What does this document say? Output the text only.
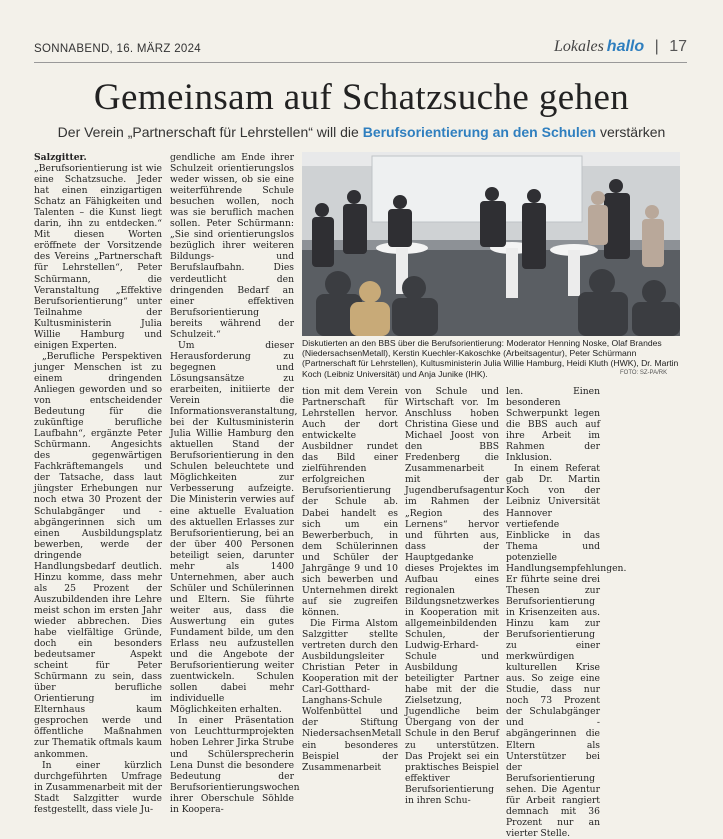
SONNABEND, 16. MÄRZ 2024	Lokales hallo | 17
Gemeinsam auf Schatzsuche gehen
Der Verein „Partnerschaft für Lehrstellen“ will die Berufsorientierung an den Schulen verstärken

Salzgitter. „Berufsorientierung ist wie eine Schatzsuche. Jeder hat einen einzigartigen Schatz an Fähigkeiten und Talenten – die Kunst liegt darin, ihn zu entdecken.“ Mit diesen Worten eröffnete der Vorsitzende des Vereins „Partnerschaft für Lehrstellen“, Peter Schürmann, die Veranstaltung „Effektive Berufsorientierung“ unter Teilnahme der Kultusministerin Julia Willie Hamburg und einigen Experten.

„Berufliche Perspektiven junger Menschen ist zu einem dringenden Anliegen geworden und so von entscheidender Bedeutung für die zukünftige berufliche Laufbahn“, ergänzte Peter Schürmann. Angesichts des gegenwärtigen Fachkräftemangels und der Tatsache, dass laut jüngster Erhebungen nur noch etwa 30 Prozent der Schulabgänger und -abgängerinnen sich um einen Ausbildungsplatz bewerben, werde der dringende Handlungsbedarf deutlich. Hinzu komme, dass mehr als 25 Prozent der Auszubildenden ihre Lehre meist schon im ersten Jahr wieder abbrechen. Dies habe vielfältige Gründe, doch ein besonders bedeutsamer Aspekt scheint für Peter Schürmann zu sein, dass über berufliche Orientierung im Elternhaus kaum gesprochen werde und öffentliche Maßnahmen zur Thematik oftmals kaum ankommen.

In einer kürzlich durchgeführten Umfrage in Zusammenarbeit mit der Stadt Salzgitter wurde festgestellt, dass viele Ju-

gendliche am Ende ihrer Schulzeit orientierungslos weder wissen, ob sie eine weiterführende Schule besuchen wollen, noch was sie beruflich machen sollen. Peter Schürmann: „Sie sind orientierungslos bezüglich ihrer weiteren Bildungs- und Berufslaufbahn. Dies verdeutlicht den dringenden Bedarf an einer effektiven Berufsorientierung bereits während der Schulzeit.“

Um dieser Herausforderung zu begegnen und Lösungsansätze zu erarbeiten, initiierte der Verein die Informationsveranstaltung, bei der Kultusministerin Julia Willie Hamburg den aktuellen Stand der Berufsorientierung in den Schulen beleuchtete und Möglichkeiten zur Verbesserung aufzeigte. Die Ministerin verwies auf eine aktuelle Evaluation des aktuellen Erlasses zur Berufsorientierung, bei an der über 400 Personen beteiligt seien, darunter mehr als 1400 Unternehmen, aber auch Schüler und Schülerinnen und Eltern. Sie führte weiter aus, dass die Auswertung ein gutes Fundament bilde, um den Erlass neu aufzustellen und die Angebote der Berufsorientierung weiter zuentwickeln. Schulen sollen dabei mehr individuelle Möglichkeiten erhalten.

In einer Präsentation von Leuchtturmprojekten hoben Lehrer Jirka Strube und Schülersprecherin Lena Dunst die besondere Bedeutung der Berufsorientierungswochen ihrer Oberschule Söhlde in Koopera-

Diskutierten an den BBS über die Berufsorientierung: Moderator Henning Noske, Olaf Brandes (NiedersachsenMetall), Kerstin Kuechler-Kakoschke (Arbeitsagentur), Peter Schürmann (Partnerschaft für Lehrstellen), Kultusministerin Julia Willie Hamburg, Heidi Kluth (HWK), Dr. Martin Koch (Leibniz Universität) und Anja Junike (IHK).	FOTO: SZ-PA/RK

tion mit dem Verein Partnerschaft für Lehrstellen hervor. Auch der dort entwickelte Ausbildner rundet das Bild einer zielführenden erfolgreichen Berufsorientierung der Schule ab. Dabei handelt es sich um ein Bewerberbuch, in dem Schülerinnen und Schüler der Jahrgänge 9 und 10 sich bewerben und Unternehmen direkt auf sie zugreifen können.

Die Firma Alstom Salzgitter stellte vertreten durch den Ausbildungsleiter Christian Peter in Kooperation mit der Carl-Gotthard-Langhans-Schule Wolfenbüttel und der Stiftung NiedersachsenMetall ein besonderes Beispiel der Zusammenarbeit

von Schule und Wirtschaft vor. Im Anschluss hoben Christina Giese und Michael Joost von den BBS Fredenberg die Zusammenarbeit mit der Jugendberufsagentur im Rahmen der „Region des Lernens“ hervor und führten aus, dass der Hauptgedanke dieses Projektes im Aufbau eines regionalen Bildungsnetzwerkes in Kooperation mit allgemeinbildenden Schulen, der Ludwig-Erhard-Schule und Ausbildung beteiligter Partner habe mit der die Zielsetzung, Jugendliche beim Übergang von der Schule in den Beruf zu unterstützen. Das Projekt sei ein praktisches Beispiel effektiver Berufsorientierung in ihren Schu-

len. Einen besonderen Schwerpunkt legen die BBS auch auf ihre Arbeit im Rahmen der Inklusion.

In einem Referat gab Dr. Martin Koch von der Leibniz Universität Hannover vertiefende Einblicke in das Thema und potenzielle Handlungsempfehlungen. Er führte seine drei Thesen zur Berufsorientierung in Krisenzeiten aus. Hinzu kam zur Berufsorientierung zu einer merkwürdigen kulturellen Krise aus. So zeige eine Studie, dass nur noch 73 Prozent der Schulabgänger und -abgängerinnen die Eltern als Unterstützer bei der Berufsorientierung sehen. Die Agentur für Arbeit rangiert demnach mit 36 Prozent nur an vierter Stelle.
